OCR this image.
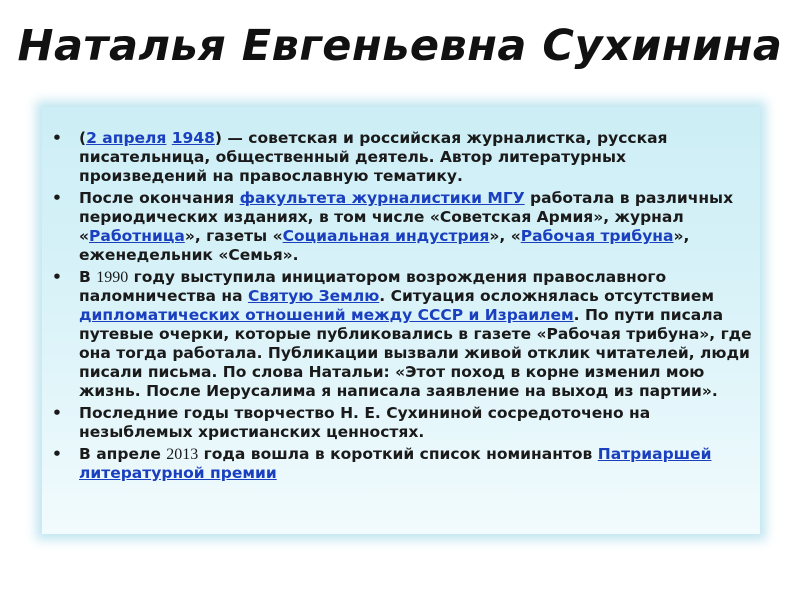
Наталья Евгеньевна Сухинина
• (2 апреля 1948) — советская и российская журналистка, русская писательница, общественный деятель. Автор литературных произведений на православную тематику.
• После окончания факультета журналистики МГУ работала в различных периодических изданиях, в том числе «Советская Армия», журнал «Работница», газеты «Социальная индустрия», «Рабочая трибуна», еженедельник «Семья».
• В 1990 году выступила инициатором возрождения православного паломничества на Святую Землю. Ситуация осложнялась отсутствием дипломатических отношений между СССР и Израилем. По пути писала путевые очерки, которые публиковались в газете «Рабочая трибуна», где она тогда работала. Публикации вызвали живой отклик читателей, люди писали письма. По слова Натальи: «Этот поход в корне изменил мою жизнь. После Иерусалима я написала заявление на выход из партии».
• Последние годы творчество Н. Е. Сухининой сосредоточено на незыблемых христианских ценностях.
• В апреле 2013 года вошла в короткий список номинантов Патриаршей литературной премии
